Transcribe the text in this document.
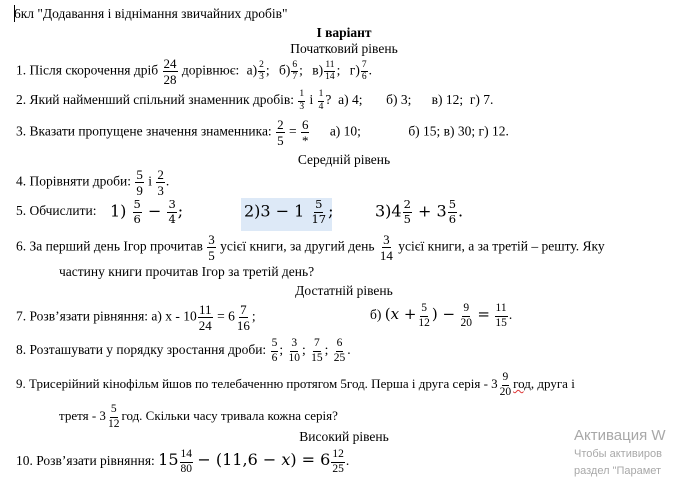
6кл "Додавання і віднімання звичайних дробів"
І варіант
Початковий рівень
1. Після скорочення дріб $\frac{24}{28}$ дорівнює: $а) \frac{2}{3}$ ; $б) \frac{6}{7}$ ; $в) \frac{11}{14}$ ; $г) \frac{7}{6}$ .
2. Який найменший спільний знаменник дробів: $\frac{1}{3}$ і $\frac{1}{4}$ ?  а) 4;       б) 3;      в) 12;  г) 7.
3. Вказати пропущене значення знаменника: $\frac{2}{5} = \frac{6}{*} а$) 10;	б) 15; в) 30; г) 12.
Середній рівень
4. Порівняти дроби: $\frac{5}{9}$ і $\frac{2}{3}$ .
5. Обчислити: $1) \frac{5}{6} - \frac{3}{4}$ ;	$2)3 - 1 \frac{5}{17}$ ;	$3)4 \frac{2}{5} + 3 \frac{5}{6}$ .
6. За перший день Ігор прочитав $\frac{3}{5}$ усієї книги, за другий день $\frac{3}{14}$ усієї книги, а за третій – решту. Яку
частину книги прочитав Ігор за третій день?
Достатній рівень
7. Розв’язати рівняння: а) $х - 10 \frac{11}{24} = 6 \frac{7}{16}$ ;	б) (𝑥 + $\frac{5}{12}$ ) − $\frac{9}{20} = \frac{11}{15}$ .
8. Розташувати у порядку зростання дроби: $\frac{5}{6}$ ; $\frac{3}{10}$ ; $\frac{7}{15}$ ; $\frac{6}{25}$ .
9. Трисерійний кінофільм йшов по телебаченню протягом 5год. Перша і друга серія - $3 \frac{9}{20}$ год, друга і
третя - $3 \frac{5}{12}$ год. Скільки часу тривала кожна серія?
Високий рівень
10. Розв’язати рівняння: $15 \frac{14}{80} - (11,6$ − 𝑥) = $6 \frac{12}{25}$ .
Активация W
Чтобы активиров
раздел "Парамет
